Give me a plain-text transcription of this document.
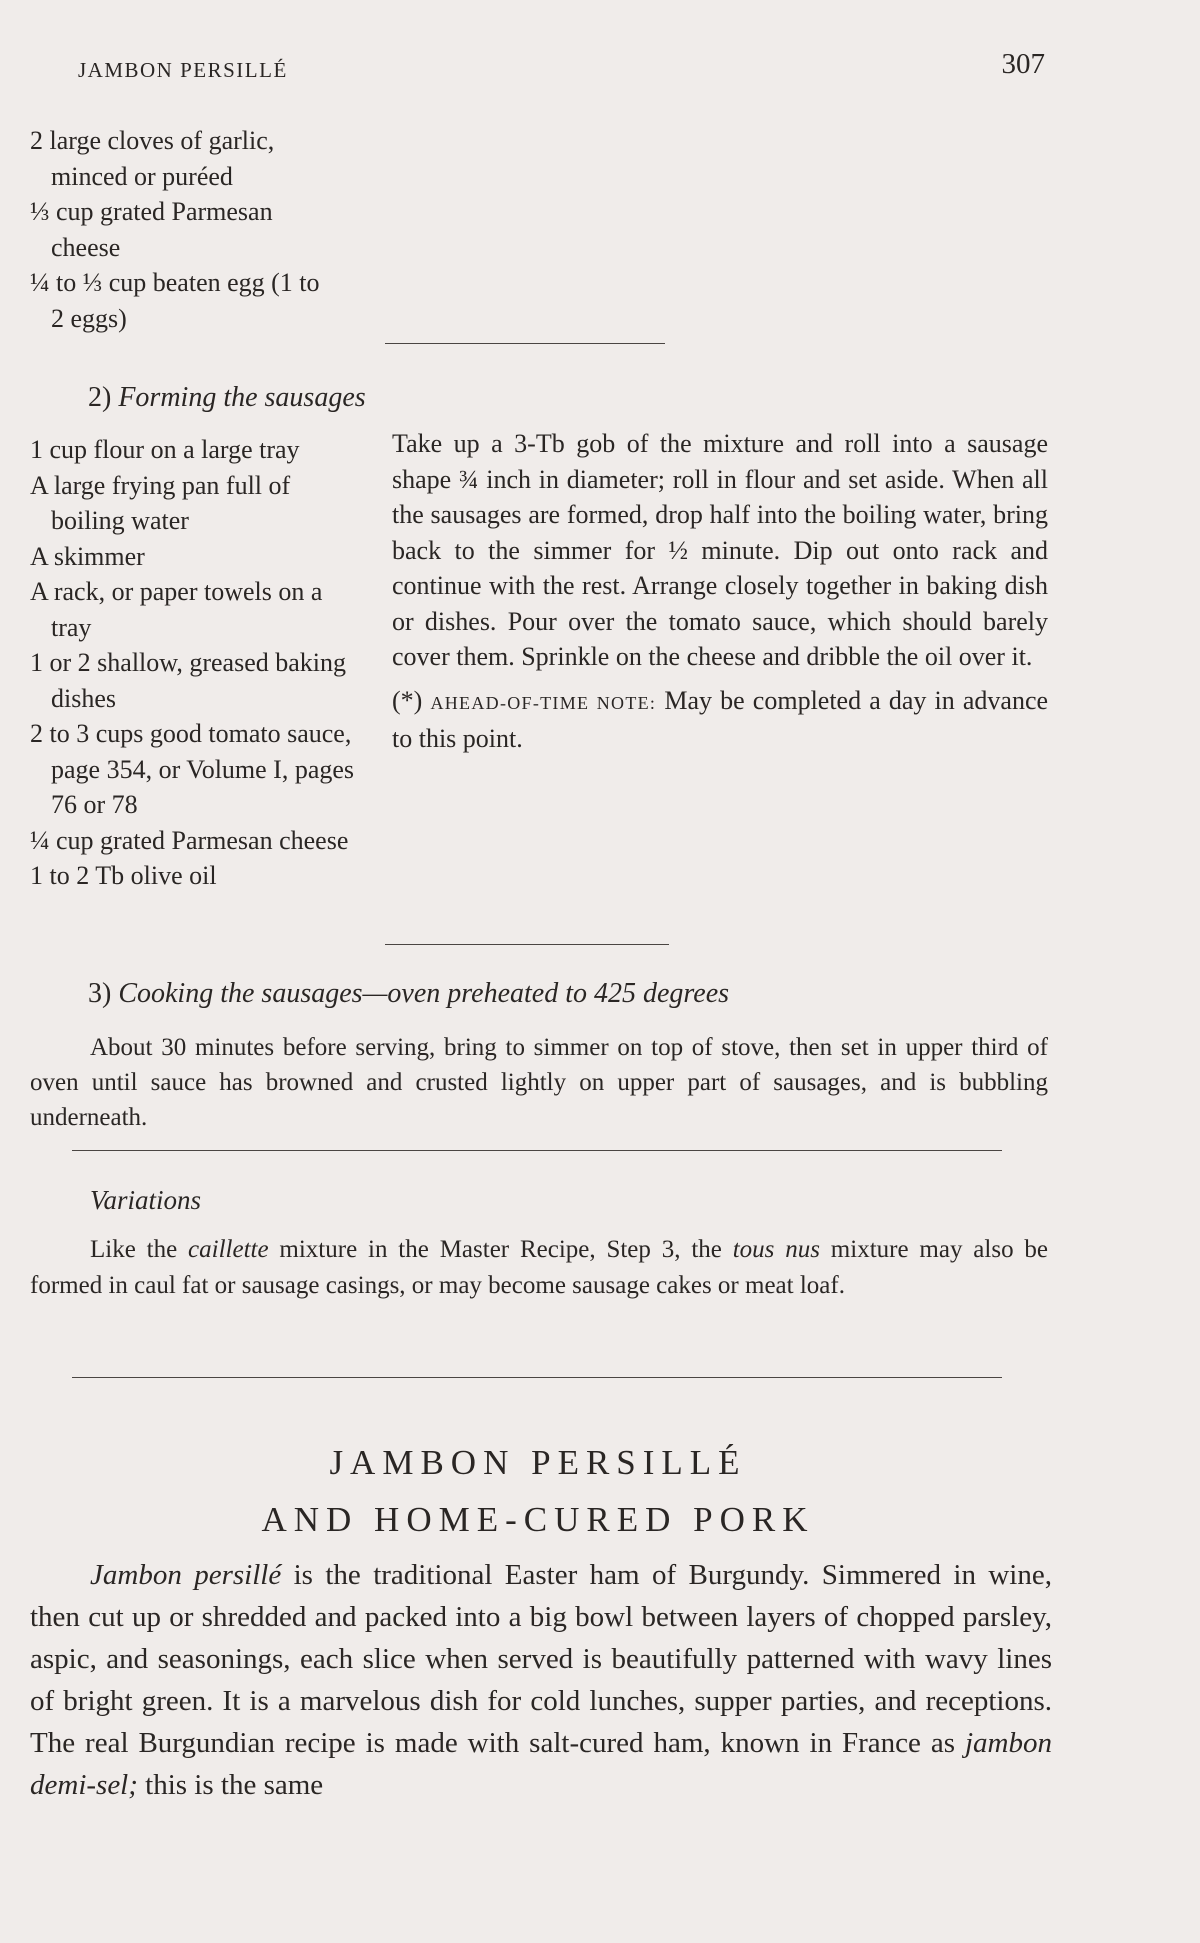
JAMBON PERSILLÉ	307
2 large cloves of garlic, minced or puréed
⅓ cup grated Parmesan cheese
¼ to ⅓ cup beaten egg (1 to 2 eggs)
2) Forming the sausages
1 cup flour on a large tray
A large frying pan full of boiling water
A skimmer
A rack, or paper towels on a tray
1 or 2 shallow, greased baking dishes
2 to 3 cups good tomato sauce, page 354, or Volume I, pages 76 or 78
¼ cup grated Parmesan cheese
1 to 2 Tb olive oil

Take up a 3-Tb gob of the mixture and roll into a sausage shape ¾ inch in diameter; roll in flour and set aside. When all the sausages are formed, drop half into the boiling water, bring back to the simmer for ½ minute. Dip out onto rack and continue with the rest. Arrange closely together in baking dish or dishes. Pour over the tomato sauce, which should barely cover them. Sprinkle on the cheese and dribble the oil over it.

(*) AHEAD-OF-TIME NOTE: May be completed a day in advance to this point.

3) Cooking the sausages—oven preheated to 425 degrees

About 30 minutes before serving, bring to simmer on top of stove, then set in upper third of oven until sauce has browned and crusted lightly on upper part of sausages, and is bubbling underneath.

Variations

Like the caillette mixture in the Master Recipe, Step 3, the tous nus mixture may also be formed in caul fat or sausage casings, or may become sausage cakes or meat loaf.

JAMBON PERSILLÉ
AND HOME-CURED PORK

Jambon persillé is the traditional Easter ham of Burgundy. Simmered in wine, then cut up or shredded and packed into a big bowl between layers of chopped parsley, aspic, and seasonings, each slice when served is beautifully patterned with wavy lines of bright green. It is a marvelous dish for cold lunches, supper parties, and receptions. The real Burgundian recipe is made with salt-cured ham, known in France as jambon demi-sel; this is the same
